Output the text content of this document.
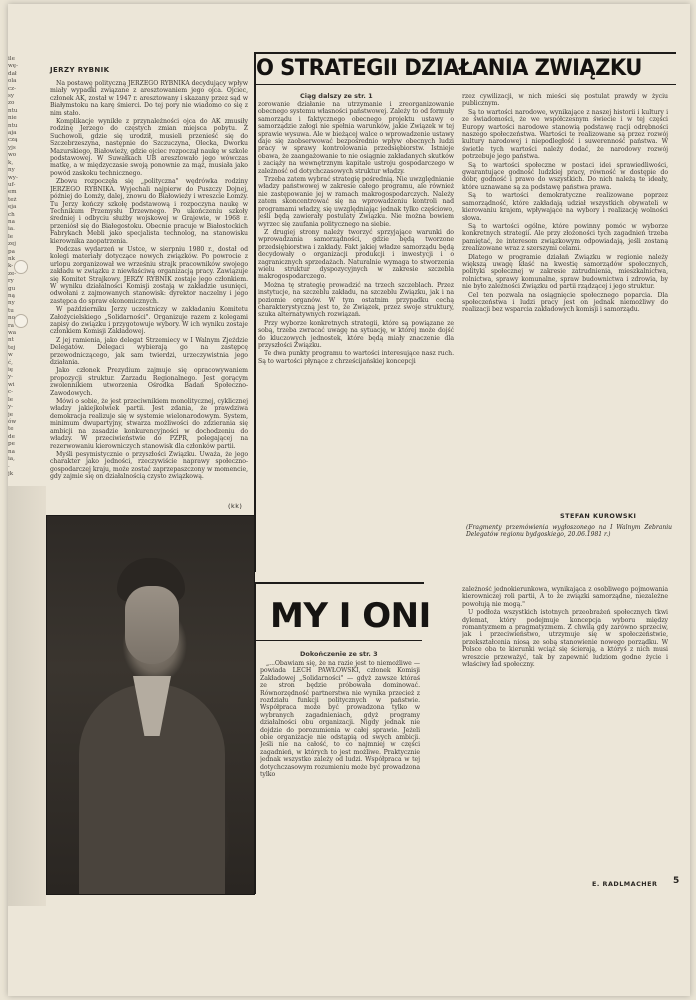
ile
wę-
dał
ola
cz-
sy
zo
ntu
nie
ntu
aja
czą
yjs
wo
k,
ny
wy-
uf-
em
też
eja
ch
na
ia.
le
zej
pa
nk
k-
ze-
ry
gu
ną
ny
tu
no
ra
wa
nt
tej
w
ć,
ię
y-
wi
c-
le
y-
je
ów
te
de
pe
na
ia,
.
jk
JERZY RYBNIK

Na postawę polityczną JERZEGO RYBNIKA decydujący wpływ miały wypadki związane z aresztowaniem jego ojca. Ojciec, członek AK, został w 1947 r. aresztowany i skazany przez sąd w Białymstoku na karę śmierci. Do tej pory nie wiadomo co się z nim stało.

Komplikacje wynikłe z przynależności ojca do AK zmusiły rodzinę Jerzego do częstych zmian miejsca pobytu. Z Suchowoli, gdzie się urodził, musieli przenieść się do Szczebrzeszyna, następnie do Szczuczyna, Olecka, Dworku Mazurskiego, Białowieży, gdzie ojciec rozpoczął naukę w szkole podstawowej. W Suwałkach UB aresztowało jego wówczas matkę, a w międzyczasie swoją ponownie za mąż, musiała jako powód zaskoku technicznego.

Zbowu rozpoczęła się „polityczna" wędrówka rodziny JERZEGO RYBNIKA. Wyjechali najpierw do Puszczy Dojnej, później do Łomży, dalej, znowu do Białowieży i wreszcie Łomży. Tu Jerzy kończy szkołę podstawową i rozpoczyna naukę w Technikum Przemysłu Drzewnego. Po ukończeniu szkoły średniej i odbyciu służby wojskowej w Grajewie, w 1968 r. przeniósł się do Białegostoku. Obecnie pracuje w Białostockich Fabrykach Mebli jako specjalista technolog, na stanowisku kierownika zaopatrzenia.

Podczas wydarzeń w Ustce, w sierpniu 1980 r., dostał od kolegi materiały dotyczące nowych związków. Po powrocie z urlopu zorganizował we wrześniu strajk pracowników swojego zakładu w związku z niewłaściwą organizacją pracy. Zawiązuje się Komitet Strajkowy. JERZY RYBNIK zostaje jego członkiem. W wyniku działalności Komisji zostają w zakładzie usunięci, odwołani z zajmowanych stanowisk: dyrektor naczelny i jego zastępca do spraw ekonomicznych.

W październiku Jerzy uczestniczy w zakładaniu Komitetu Założycielskiego „Solidarności". Organizuje razem z kolegami zapisy do związku i przygotowuje wybory. W ich wyniku zostaje członkiem Komisji Zakładowej.

Z jej ramienia, jako delegat Strzemiecy w I Walnym Zjeździe Delegatów. Delegaci wybierają go na zastępcę przewodniczącego, jak sam twierdzi, urzeczywistnia jego działania.

Jako członek Prezydium zajmuje się opracowywaniem propozycji struktur. Zarzadu Regionalnego. Jest gorącym zwolennikiem utworzenia Ośrodka Badań Społeczno-Zawodowych.

Mówi o sobie, że jest przeciwnikiem monolitycznej, cyklicznej władzy jakiejkolwiek partii. Jest zdania, że prawdziwa demokracja realizuje się w systemie wielonarodowym. System, minimum dwupartyjny, stwarza możliwości do zdzierania się ambicji na zasadzie konkurencyjności w dochodzeniu do władzy. W przeciwieństwie do PZPR, polegającej na rezerwowaniu kierowniczych stanowisk dla członków partii.

Myśli pesymistycznie o przyszłości Związku. Uważa, że jego charakter jako jedności, rzeczywiście naprawy społeczno-gospodarczej kraju, może zostać zaprzepaszczony w momencie, gdy zajmie się on działalnością czysto związkową.

(kk)
O STRATEGII DZIAŁANIA ZWIĄZKU
Ciąg dalszy ze str. 1

zorowanie działanie na utrzymanie i zreorganizowanie obecnego systemu własności państwowej. Zależy to od formuły samorządu i faktycznego obecnego projektu ustawy o samorządzie załogi nie spełnia warunków, jakie Związek w tej sprawie wysuwa. Ale w bieżącej walce o wprowadzenie ustawy daje się zaobserwować bezpośrednio wpływ obecnych ludzi pracy w sprawy kontrolowania przedsiębiorstw. Istnieje obawa, że zaangażowanie to nie osiągnie zakładanych skutków i zaciąży na wewnętrznym kapitale ustroju gospodarczego w zależność od dotychczasowych struktur władzy.

Trzeba zatem wybrać strategię pośrednią. Nie uwzględnianie władzy państwowej w zakresie całego programu, ale również nie zastępowanie jej w ramach makrogospodarczych. Należy zatem skoncentrować się na wprowadzeniu kontroli nad programami władzy, się uwzględniając jednak tylko częściowo, jeśli będą zawierały postulaty Związku. Nie można bowiem wyrzec się zaufania politycznego na siebie.

Z drugiej strony należy tworzyć sprzyjające warunki do wprowadzania samorządności, gdzie będą tworzone przedsiębiorstwa i zakłady. Fakt jakiej władze samorządu będą decydowały o organizacji produkcji i inwestycji i o zagranicznych sprzedażach. Naturalnie wymaga to stworzenia wielu struktur dyspozycyjnych w zakresie szczebla makrogospodarczego.

Można tę strategię prowadzić na trzech szczeblach. Przez instytucje, na szczeblu zakładu, na szczeblu Związku, jak i na poziomie organów. W tym ostatnim przypadku cechą charakterystyczną jest to, że Związek, przez swoje struktury, szuka alternatywnych rozwiązań.

Przy wyborze konkretnych strategii, które są powiązane ze sobą, trzeba zwracać uwagę na sytuację, w której może dojść do kluczowych jednostek, które będą miały znaczenie dla przyszłości Związku.

Te dwa punkty programu to wartości interesujące nasz ruch. Są to wartości płynące z chrześcijańskiej koncepcji

rzez cywilizacji, w nich mieści się postulat prawdy w życiu publicznym.

Są to wartości narodowe, wynikające z naszej historii i kultury i ze świadomości, że we współczesnym świecie i w tej części Europy wartości narodowe stanowią podstawę racji odrębności naszego społeczeństwa. Wartości te realizowane są przez rozwój kultury narodowej i niepodległość i suwerenność państwa. W świetle tych wartości należy dodać, że narodowy rozwój potrzebuje jego państwa.

Są to wartości społeczne w postaci idei sprawiedliwości, gwarantujące godność ludzkiej pracy, równość w dostępie do dóbr, godność i prawo do wszystkich. Do nich należą te ideały, które uznawane są za podstawę państwa prawa.

Są to wartości demokratyczne realizowane poprzez samorządność, które zakładają udział wszystkich obywateli w kierowaniu krajem, wpływające na wybory i realizację wolności słowa.

Są to wartości ogólne, które powinny pomóc w wyborze konkretnych strategii. Ale przy złożoności tych zagadnień trzeba pamiętać, że interesom związkowym odpowiadają, jeśli zostaną zrealizowane wraz z szerszymi celami.

Dlatego w programie działań Związku w regionie należy większą uwagę kłaść na kwestię samorządów społecznych, polityki społecznej w zakresie zatrudnienia, mieszkalnictwa, rolnictwa, sprawy komunalne, spraw budownictwa i zdrowia, by nie było zależności Związku od partii rządzącej i jego struktur.

Cel ten pozwala na osiągnięcie społecznego poparcia. Dla społeczeństwa i ludzi pracy jest on jednak niemożliwy do realizacji bez wsparcia zakładowych komisji i samorządu.

STEFAN KUROWSKI
(Fragmenty przemówienia wygłoszonego na I Walnym Zebraniu Delegatów regionu bydgoskiego, 20.06.1981 r.)
MY I ONI
Dokończenie ze str. 3

„...Obawiam się, że na razie jest to niemożliwe — powiada LECH PAWŁOWSKI, członek Komisji Zakładowej „Solidarności" — gdyż zawsze któraś ze stron będzie próbowała dominować. Równorzędność partnerstwa nie wynika przecież z rozdziału funkcji politycznych w państwie. Współpraca może być prowadzona tylko w wybranych zagadnieniach, gdyż programy działalności obu organizacji. Nigdy jednak nie dojdzie do porozumienia w całej sprawie. Jeżeli obie organizacje nie odstąpią od swych ambicji. Jeśli nie na całość, to co najmniej w części zagadnień, w których to jest możliwe. Praktycznie jednak wszystko zależy od ludzi. Współpraca w tej dotychczasowym rozumieniu może być prowadzona tylko

zależność jednokierunkowa, wynikająca z osobliwego pojmowania kierowniczej roli partii, A to że związki samorządne, niezależne powołują nie mogą."

U podłoża wszystkich istotnych przeobrażeń społecznych tkwi dylemat, który podejmuje koncepcja wyboru między romantyzmem a pragmatyzmem. Z chwilą gdy zarówno sprzeciw, jak i przeciwieństwo, utrzymuje się w społeczeństwie, przekształcenia niosą ze sobą stanowienie nowego porządku. W Polsce oba te kierunki wciąż się ścierają, a któryś z nich musi wreszcie przeważyć, tak by zapewnić ludziom godne życie i właściwy ład społeczny.

E. RADLMACHER 5
